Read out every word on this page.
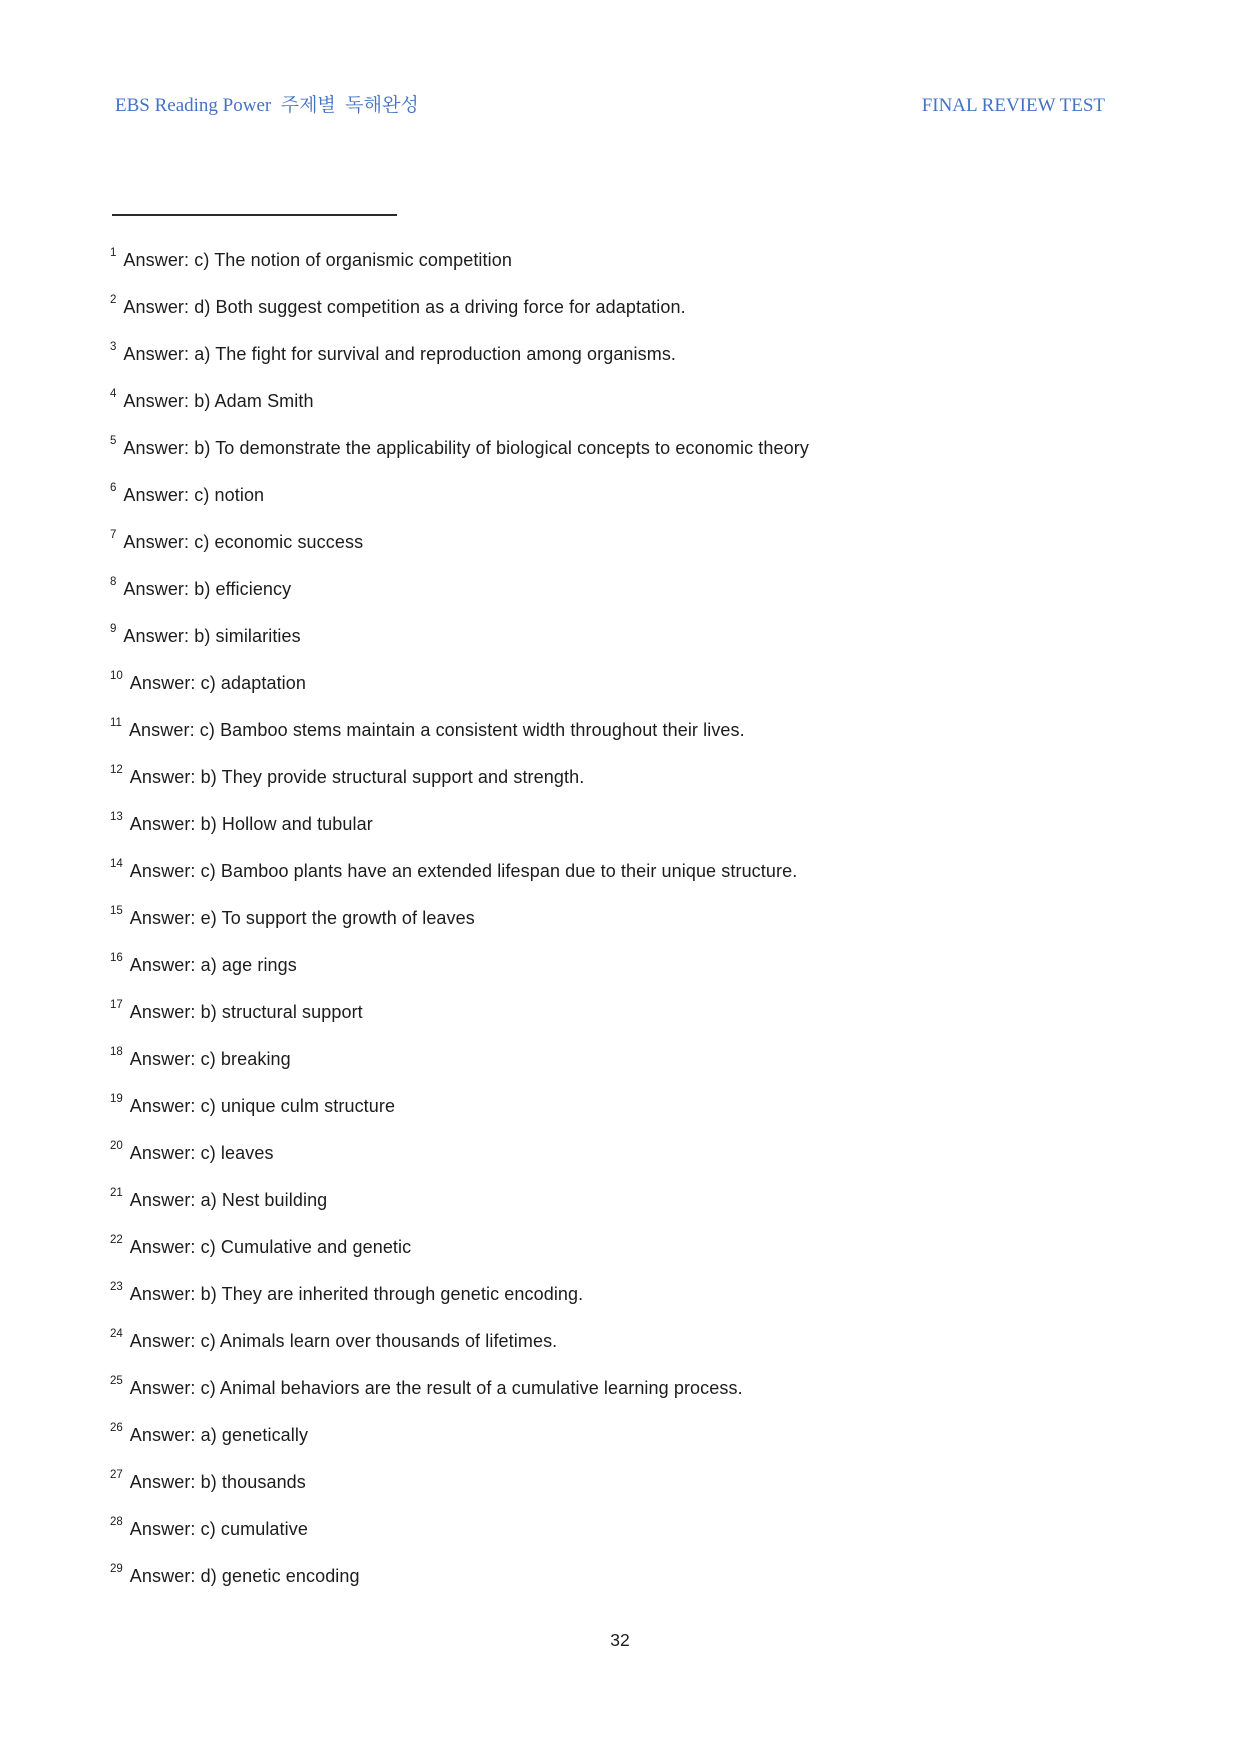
EBS Reading Power  주제별  독해완성	FINAL REVIEW TEST
$^1$ Answer: c) The notion of organismic competition
$^2$ Answer: d) Both suggest competition as a driving force for adaptation.
$^3$ Answer: a) The fight for survival and reproduction among organisms.
$^4$ Answer: b) Adam Smith
$^5$ Answer: b) To demonstrate the applicability of biological concepts to economic theory
$^6$ Answer: c) notion
$^7$ Answer: c) economic success
$^8$ Answer: b) efficiency
$^9$ Answer: b) similarities
$^{10}$ Answer: c) adaptation
$^{11}$ Answer: c) Bamboo stems maintain a consistent width throughout their lives.
$^{12}$ Answer: b) They provide structural support and strength.
$^{13}$ Answer: b) Hollow and tubular
$^{14}$ Answer: c) Bamboo plants have an extended lifespan due to their unique structure.
$^{15}$ Answer: e) To support the growth of leaves
$^{16}$ Answer: a) age rings
$^{17}$ Answer: b) structural support
$^{18}$ Answer: c) breaking
$^{19}$ Answer: c) unique culm structure
$^{20}$ Answer: c) leaves
$^{21}$ Answer: a) Nest building
$^{22}$ Answer: c) Cumulative and genetic
$^{23}$ Answer: b) They are inherited through genetic encoding.
$^{24}$ Answer: c) Animals learn over thousands of lifetimes.
$^{25}$ Answer: c) Animal behaviors are the result of a cumulative learning process.
$^{26}$ Answer: a) genetically
$^{27}$ Answer: b) thousands
$^{28}$ Answer: c) cumulative
$^{29}$ Answer: d) genetic encoding
32
